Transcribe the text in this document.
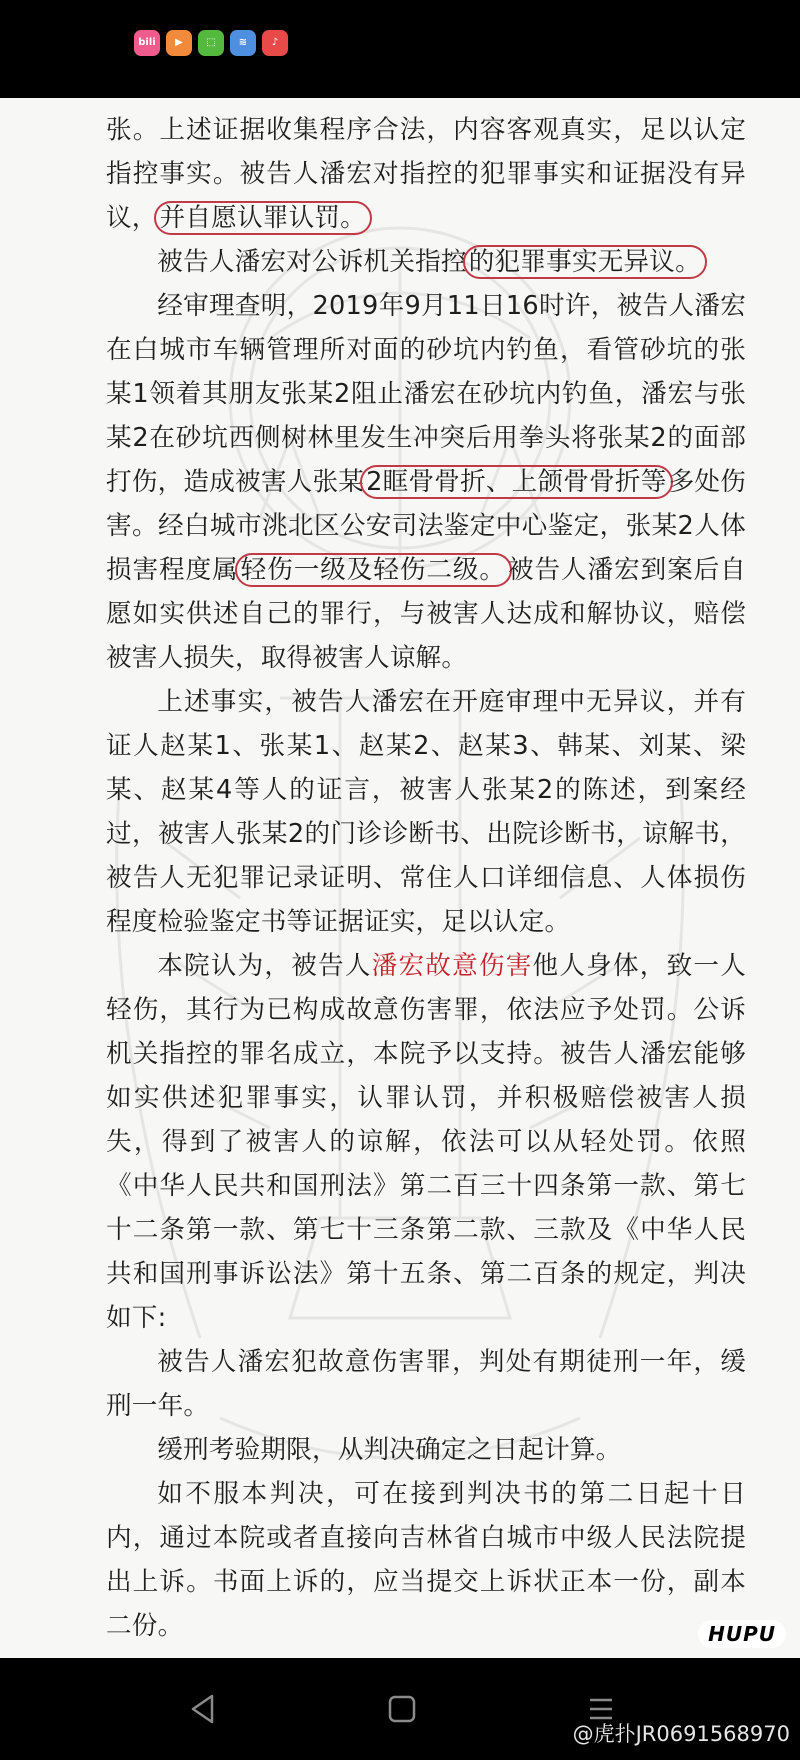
bili	▶	⬚	≋	♪

张。上述证据收集程序合法，内容客观真实，足以认定指控事实。被告人潘宏对指控的犯罪事实和证据没有异议，并自愿认罪认罚。

被告人潘宏对公诉机关指控的犯罪事实无异议。

经审理查明，2019年9月11日16时许，被告人潘宏在白城市车辆管理所对面的砂坑内钓鱼，看管砂坑的张某1领着其朋友张某2阻止潘宏在砂坑内钓鱼，潘宏与张某2在砂坑西侧树林里发生冲突后用拳头将张某2的面部打伤，造成被害人张某2眶骨骨折、上颌骨骨折等多处伤害。经白城市洮北区公安司法鉴定中心鉴定，张某2人体损害程度属轻伤一级及轻伤二级。被告人潘宏到案后自愿如实供述自己的罪行，与被害人达成和解协议，赔偿被害人损失，取得被害人谅解。

上述事实，被告人潘宏在开庭审理中无异议，并有证人赵某1、张某1、赵某2、赵某3、韩某、刘某、梁某、赵某4等人的证言，被害人张某2的陈述，到案经过，被害人张某2的门诊诊断书、出院诊断书，谅解书，被告人无犯罪记录证明、常住人口详细信息、人体损伤程度检验鉴定书等证据证实，足以认定。

本院认为，被告人潘宏故意伤害他人身体，致一人轻伤，其行为已构成故意伤害罪，依法应予处罚。公诉机关指控的罪名成立，本院予以支持。被告人潘宏能够如实供述犯罪事实，认罪认罚，并积极赔偿被害人损失，得到了被害人的谅解，依法可以从轻处罚。依照《中华人民共和国刑法》第二百三十四条第一款、第七十二条第一款、第七十三条第二款、三款及《中华人民共和国刑事诉讼法》第十五条、第二百条的规定，判决如下:

被告人潘宏犯故意伤害罪，判处有期徒刑一年，缓刑一年。

缓刑考验期限，从判决确定之日起计算。

如不服本判决，可在接到判决书的第二日起十日内，通过本院或者直接向吉林省白城市中级人民法院提出上诉。书面上诉的，应当提交上诉状正本一份，副本二份。	HUPU
@虎扑JR0691568970
